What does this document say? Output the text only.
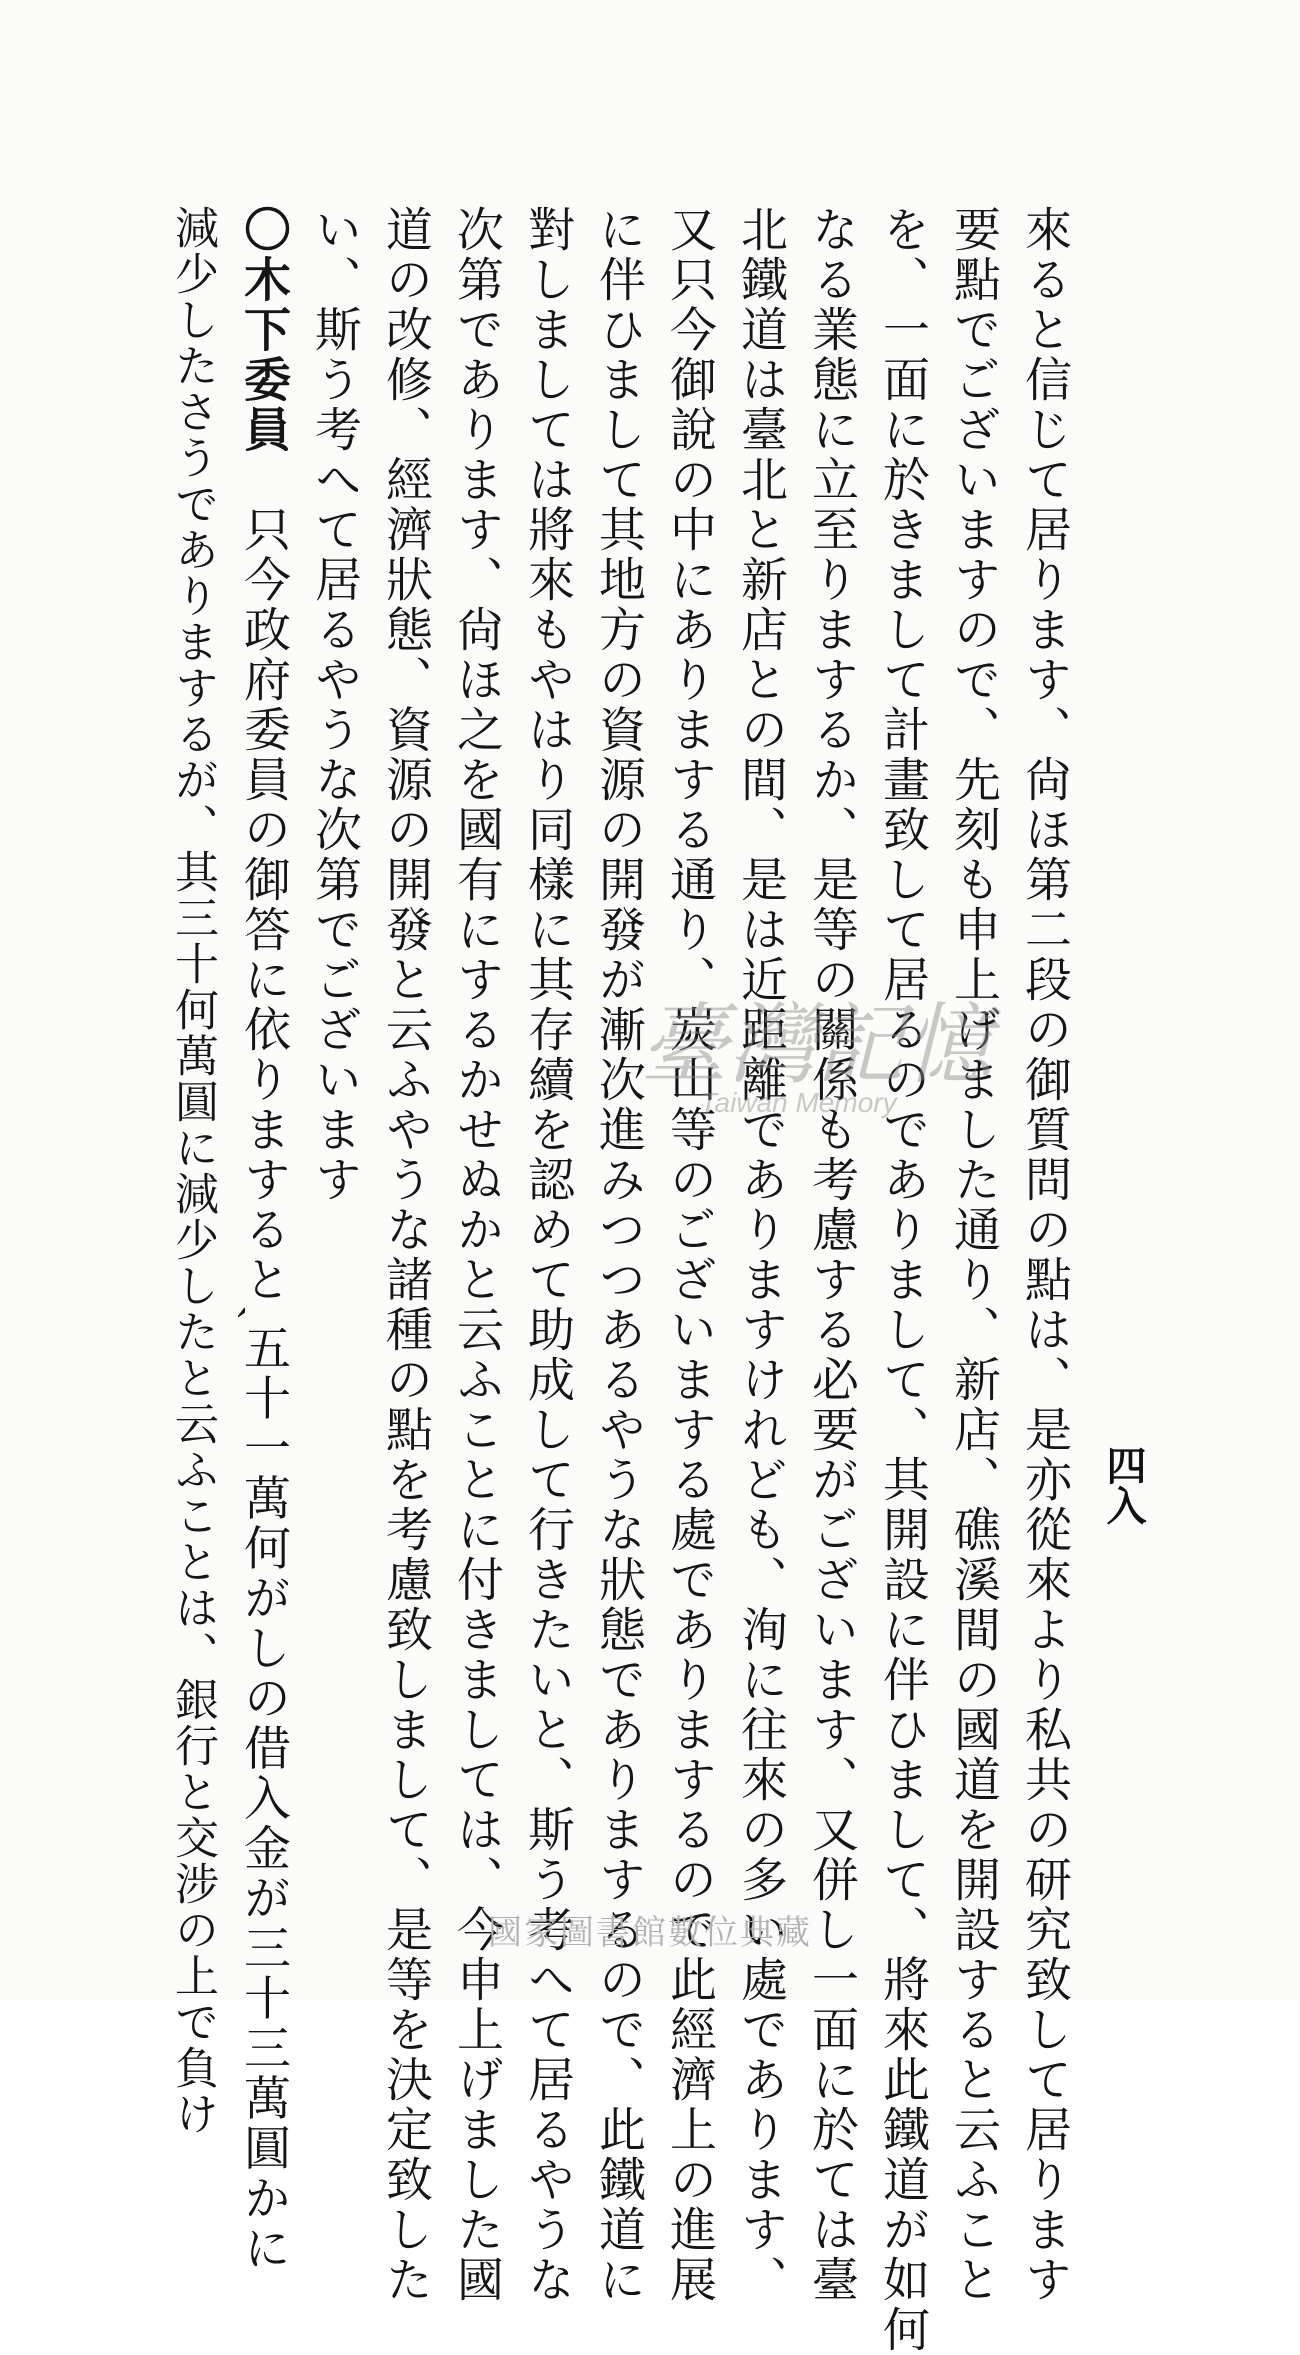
四入
來ると信じて居ります、尙ほ第二段の御質問の點は、是亦從來より私共の研究致して居ります
要點でございますので、先刻も申上げました通り、新店、礁溪間の國道を開設すると云ふこと
を、一面に於きまして計畫致して居るのでありまして、其開設に伴ひまして、將來此鐵道が如何
なる業態に立至りまするか、是等の關係も考慮する必要がございます、又併し一面に於ては臺
北鐵道は臺北と新店との間、是は近距離でありますけれども、洵に往來の多い處であります、
又只今御說の中にありまする通り、炭山等のございまする處でありまするので此經濟上の進展
に伴ひまして其地方の資源の開發が漸次進みつつあるやうな狀態でありまするので、此鐵道に
對しましては將來もやはり同樣に其存續を認めて助成して行きたいと、斯う考へて居るやうな
次第であります、尙ほ之を國有にするかせぬかと云ふことに付きましては、今申上げました國
道の改修、經濟狀態、資源の開發と云ふやうな諸種の點を考慮致しまして、是等を決定致した
い、斯う考へて居るやうな次第でございます
〇木下委員　只今政府委員の御答に依りまするとˏ五十一萬何がしの借入金が三十三萬圓かに
減少したさうでありまするが、其三十何萬圓に減少したと云ふことは、銀行と交涉の上で負け	臺灣記憶
Taiwan Memory
國家圖書館數位典藏
